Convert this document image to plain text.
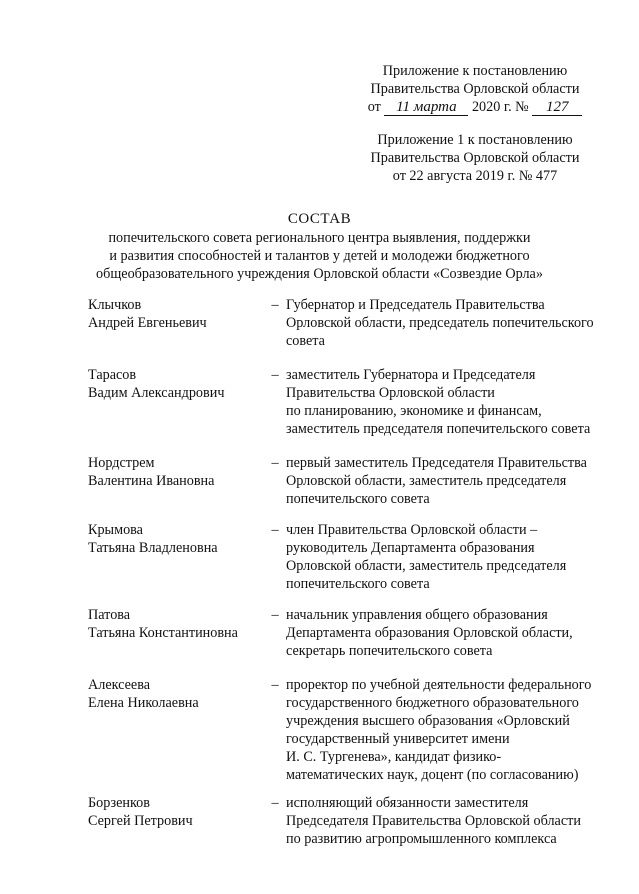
Приложение к постановлению
Правительства Орловской области
от 11 марта 2020 г. № 127
Приложение 1 к постановлению
Правительства Орловской области
от 22 августа 2019 г. № 477
СОСТАВ
попечительского совета регионального центра выявления, поддержки
и развития способностей и талантов у детей и молодежи бюджетного
общеобразовательного учреждения Орловской области «Созвездие Орла»
Клычков
Андрей Евгеньевич
– Губернатор и Председатель Правительства
Орловской области, председатель попечительского
совета
Тарасов
Вадим Александрович
– заместитель Губернатора и Председателя
Правительства Орловской области
по планированию, экономике и финансам,
заместитель председателя попечительского совета
Нордстрем
Валентина Ивановна
– первый заместитель Председателя Правительства
Орловской области, заместитель председателя
попечительского совета
Крымова
Татьяна Владленовна
– член Правительства Орловской области –
руководитель Департамента образования
Орловской области, заместитель председателя
попечительского совета
Патова
Татьяна Константиновна
– начальник управления общего образования
Департамента образования Орловской области,
секретарь попечительского совета
Алексеева
Елена Николаевна
– проректор по учебной деятельности федерального
государственного бюджетного образовательного
учреждения высшего образования «Орловский
государственный университет имени
И. С. Тургенева», кандидат физико-
математических наук, доцент (по согласованию)
Борзенков
Сергей Петрович
– исполняющий обязанности заместителя
Председателя Правительства Орловской области
по развитию агропромышленного комплекса
